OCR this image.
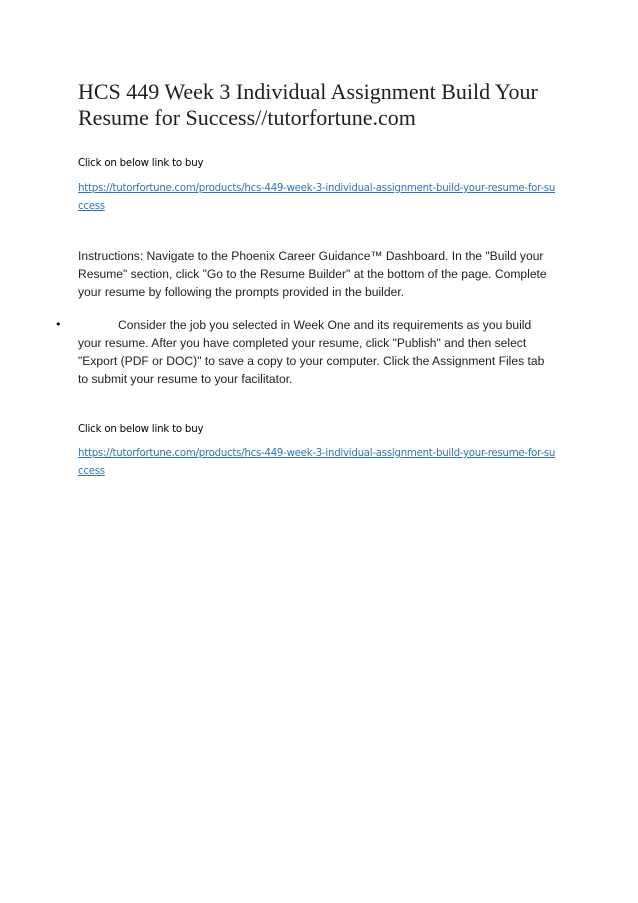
HCS 449 Week 3 Individual Assignment Build Your Resume for Success//tutorfortune.com

Click on below link to buy

https://tutorfortune.com/products/hcs-449-week-3-individual-assignment-build-your-resume-for-success

Instructions: Navigate to the Phoenix Career Guidance™ Dashboard. In the "Build your Resume" section, click "Go to the Resume Builder" at the bottom of the page. Complete your resume by following the prompts provided in the builder.

•	Consider the job you selected in Week One and its requirements as you build your resume. After you have completed your resume, click "Publish" and then select "Export (PDF or DOC)" to save a copy to your computer. Click the Assignment Files tab to submit your resume to your facilitator.

Click on below link to buy

https://tutorfortune.com/products/hcs-449-week-3-individual-assignment-build-your-resume-for-success
